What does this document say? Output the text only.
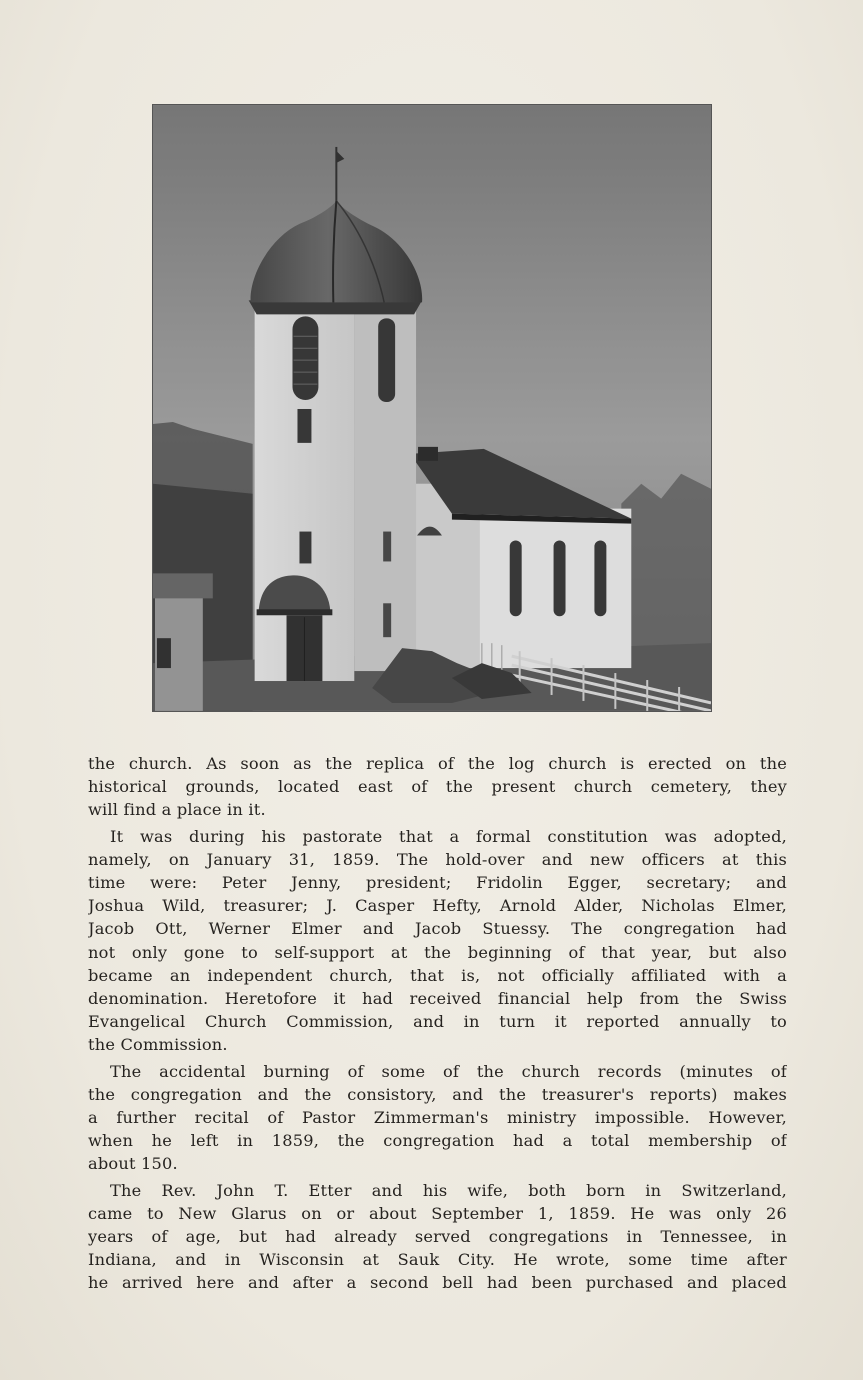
the church. As soon as the replica of the log church is erected on the
historical grounds, located east of the present church cemetery, they
will find a place in it.
It was during his pastorate that a formal constitution was adopted,
namely, on January 31, 1859. The hold-over and new officers at this
time were: Peter Jenny, president; Fridolin Egger, secretary; and
Joshua Wild, treasurer; J. Casper Hefty, Arnold Alder, Nicholas Elmer,
Jacob Ott, Werner Elmer and Jacob Stuessy. The congregation had
not only gone to self-support at the beginning of that year, but also
became an independent church, that is, not officially affiliated with a
denomination. Heretofore it had received financial help from the Swiss
Evangelical Church Commission, and in turn it reported annually to
the Commission.
The accidental burning of some of the church records (minutes of
the congregation and the consistory, and the treasurer's reports) makes
a further recital of Pastor Zimmerman's ministry impossible. However,
when he left in 1859, the congregation had a total membership of
about 150.
The Rev. John T. Etter and his wife, both born in Switzerland,
came to New Glarus on or about September 1, 1859. He was only 26
years of age, but had already served congregations in Tennessee, in
Indiana, and in Wisconsin at Sauk City. He wrote, some time after
he arrived here and after a second bell had been purchased and placed
